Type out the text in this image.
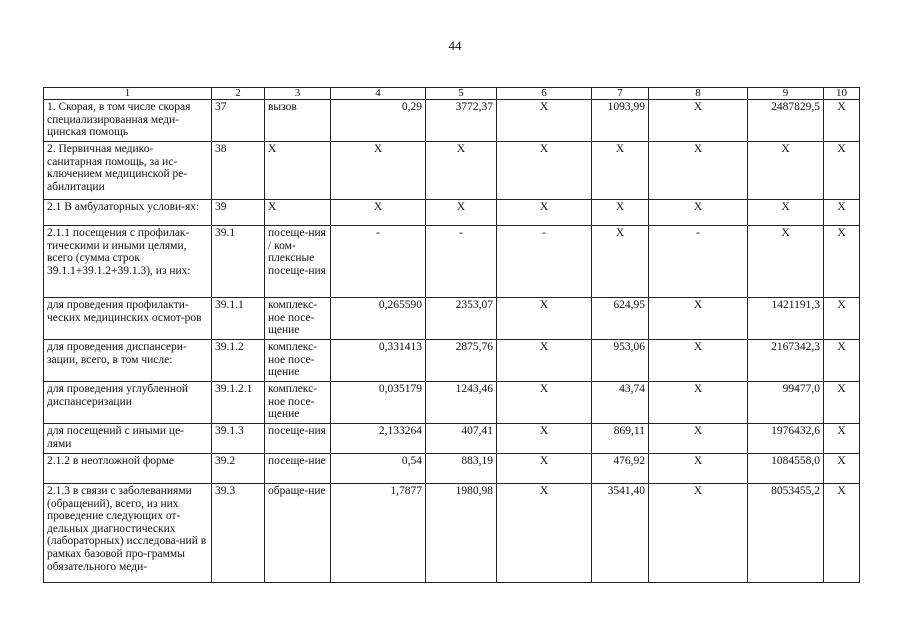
44
1	2	3	4	5	6	7	8	9	10
1. Скорая, в том числе скорая специализированная меди-цинская помощь	37	вызов	0,29	3772,37	X	1093,99	X	2487829,5	X
2. Первичная медико-санитарная помощь, за ис-ключением медицинской ре-абилитации	38	X	X	X	X	X	X	X	X
2.1 В амбулаторных услови-ях:	39	X	X	X	X	X	X	X	X
2.1.1 посещения с профилак-тическими и иными целями, всего (сумма строк 39.1.1+39.1.2+39.1.3), из них:	39.1	посеще-ния / ком-плексные посеще-ния	-	-	-	X	-	X	X
для проведения профилакти-ческих медицинских осмот-ров	39.1.1	комплекс-ное посе-щение	0,265590	2353,07	X	624,95	X	1421191,3	X
для проведения диспансери-зации, всего, в том числе:	39.1.2	комплекс-ное посе-щение	0,331413	2875,76	X	953,06	X	2167342,3	X
для проведения углубленной диспансеризации	39.1.2.1	комплекс-ное посе-щение	0,035179	1243,46	X	43,74	X	99477,0	X
для посещений с иными це-лями	39.1.3	посеще-ния	2,133264	407,41	X	869,11	X	1976432,6	X
2.1.2 в неотложной форме	39.2	посеще-ние	0,54	883,19	X	476,92	X	1084558,0	X
2.1.3 в связи с заболеваниями (обращений), всего, из них проведение следующих от-дельных диагностических (лабораторных) исследова-ний в рамках базовой про-граммы обязательного меди-	39.3	обраще-ние	1,7877	1980,98	X	3541,40	X	8053455,2	X
